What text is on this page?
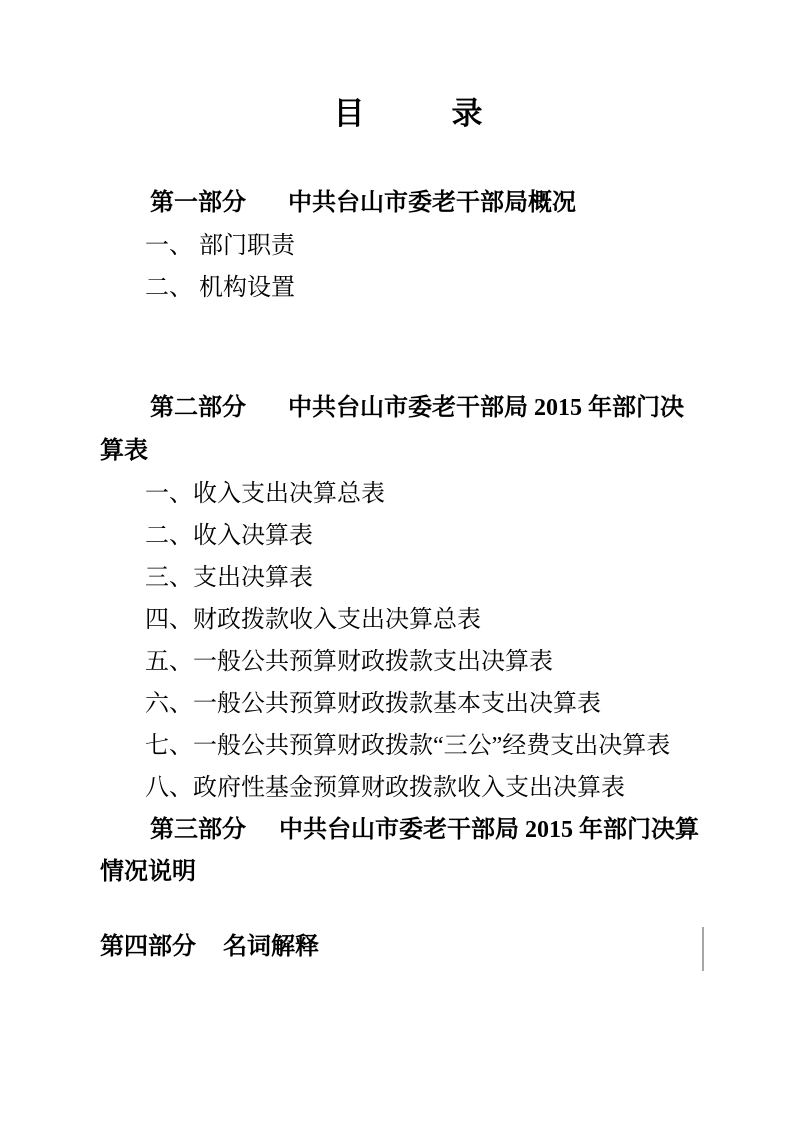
目录

第一部分 中共台山市委老干部局概况

一、 部门职责

二、 机构设置

第二部分 中共台山市委老干部局 2015 年部门决算表

一、收入支出决算总表

二、收入决算表

三、支出决算表

四、财政拨款收入支出决算总表

五、一般公共预算财政拨款支出决算表

六、一般公共预算财政拨款基本支出决算表

七、一般公共预算财政拨款“三公”经费支出决算表

八、政府性基金预算财政拨款收入支出决算表

第三部分 中共台山市委老干部局 2015 年部门决算情况说明

第四部分 名词解释
